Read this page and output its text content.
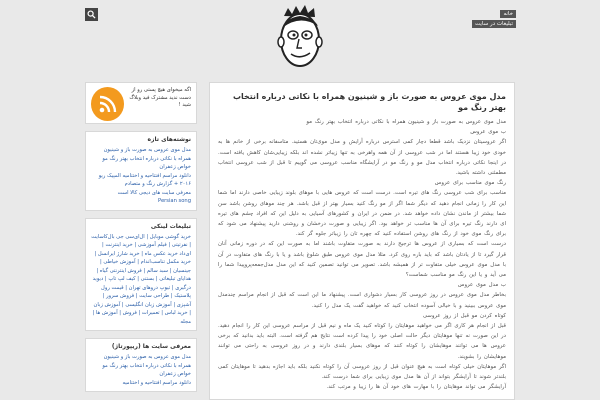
خانه
تبلیغات در سایت
مدل موی عروس به صورت باز و شینیون همراه با نکاتی درباره انتخاب بهتر رنگ مو

مدل موی عروس به صورت باز و شینیون همراه با نکاتی درباره انتخاب بهتر رنگ مو

ب موی عروس

اگر عروسیتان نزدیک باشد قطعا دچار کمی استرس درباره آرایش و مدل موی‌تان هستید. متاسفانه برخی از خانم ها به خودی خود زیبا هستند اما در شب عروسی از آن همه واهرخی به تنها زیبا‌تر نشده اند بلکه زیبایی‌شان کاهش یافته است. در اینجا نکاتی درباره انتخاب مدل مو و رنگ مو در آرایشگاه مناسب عروسی می گوییم تا قبل از شب عروسی انتخاب مطمئنی داشته باشید.

رنگ موی مناسب برای عروس

مناسب برای شب عروسی رنگ های تیره است. درست است که عروس هایی با موهای بلوند زیبایی خاصی دارند اما شما این کار را زمانی انجام دهید که دیگر شما اگر از مو رنگ کنید بسیار بهتر از قبل باشد. هر چند موهای روشن باشد سن شما بیشتر از ماندن نشان داده خواهد شد. در ضمن در ایران و کشورهای آسیایی به دلیل این که افراد چشم های تیره ای دارند رنگ تیره برای آن ها مناسب تر خواهد بود. اگر زیبایی و صورت درخشان و روشنی دارید پیشنهاد می شود که برای رنگ موی خود از رنگ های روشن استفاده کنید که چهره تان را زیباتر جلوه گر کند.

درست است که بسیاری از عروس ها ترجیح دارند به صورت متفاوت باشند اما به صورت این که در دوره زمانی آنان قرار گیرد تا از یادتان باشد که باید باره روی کرد. مثلا مدل موی عروس طبق شلوغ باشد و یا با رنگ های متفاوت در آن با مدل موی عروس خیلی متفاوت تر از همیشه باشد. تصویر می توانید تصمین کنید که این مدل مدل‌جمعه‌پروپیدا شما را می آید و یا این رنگ مو مناسب شماست؟

ب مدل موی عروس

بخاطر مدل موی عروس در روز عروسی کار بسیار دشواری است. پیشنهاد ما این است که قبل از انجام مراسم چندمدل موی عروس ببینید و با خیالی آسوده انتخاب کنید که خواهید گفت یک مدل را کنید.

کوتاه کردن مو قبل از روز عروسی

قبل از انجام هر کاری اگر می خواهید موهایتان را کوتاه کنید یک ماه و نیم قبل از مراسم عروسی این کار را انجام دهید. در این صورت نه تنها موهایتان دیگر حالت اصلی خود را پیدا کرده است نتایج هم گرفته است. البته باید بدانید که برخی عروس ها می توانند موهایشان را کوتاه کنند که موهای بسیار بلندی دارند و در روز عروسی به راحتی می توانند موهایشان را بشویند.

اگر موهایتان خیلی کوتاه است به هیچ عنوان قبل از روز عروسی آن را کوتاه نکنید بلکه باید اجازه بدهید تا موهایتان کمی بلندتر شوند تا آرایشگر بتواند از آن ها مدل موی زیبایی برای شما درست کند.

آرایشگر می تواند موهایتان را با مهارت های خود آن ها را زیبا و مرتب کند.

اگه میخوای هیچ پستی رو از دست ندید مشترک فید وبلاگ شید !
نوشته‌های تازه
مدل موی عروس به صورت باز و شینیون همراه با نکاتی درباره انتخاب بهتر رنگ مو
خواص زعفران
دانلود مراسم افتتاحیه و اختتامیه المپیک ریو ۲۰۱۶ + گزارش رنگ و متصادم
معرفی سایت های دیجی کالا است
Persian song
تبلیغات لینکی
خرید گوشی موبایل | ال‌ای‌سی جی بال‌کاسایت | نفرتیتی | فیلم آموزشی | خرید اینترنت | ای‌داد خرید عکس ماه | خرید شارژ ایرانسل | خرید مکمل تناسب‌اندام | آموزش خیاطی | جینسیان | سبد سالم | فروش اینترنتی گیاه | هدایای تبلیغاتی | بستنی | کیف لپ تاپ | دیوید درگیری | تیوپ دروهای تهران | قیمت رول پلاستیک | طراحی سایت | فروش سرور | آشپزی | آموزش زبان انگلیسی | آموزش زبان | خرید لباس | تعمیرات | فروش | آموزش ها | مجله
معرفی سایت ها (ریپورتاژ)
مدل موی عروس به صورت باز و شینیون همراه با نکاتی درباره انتخاب بهتر رنگ مو
خواص زعفران
دانلود مراسم افتتاحیه و اختتامیه
